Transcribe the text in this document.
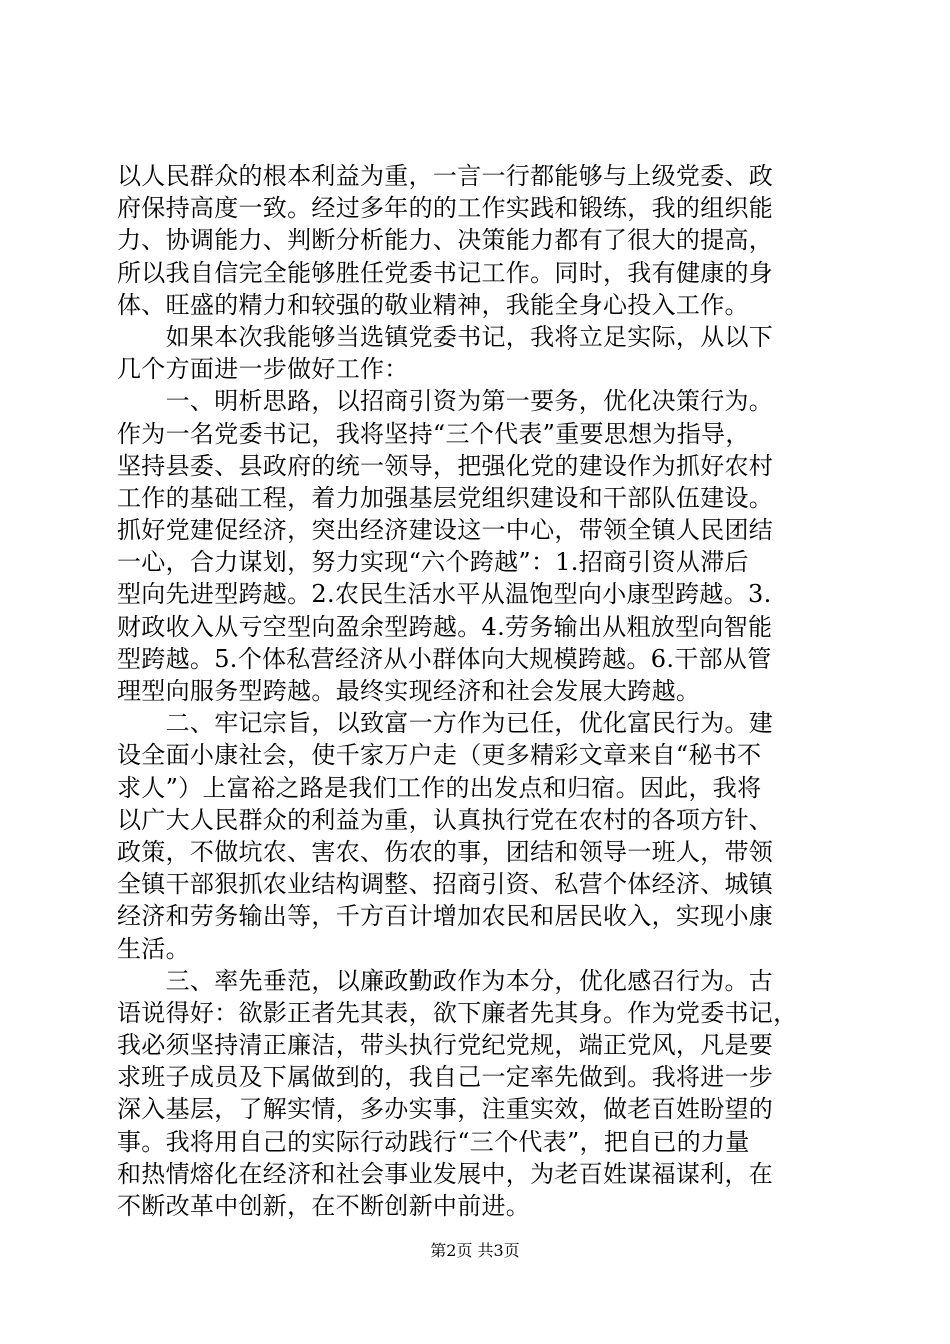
以人民群众的根本利益为重，一言一行都能够与上级党委、政
府保持高度一致。经过多年的的工作实践和锻练，我的组织能
力、协调能力、判断分析能力、决策能力都有了很大的提高，
所以我自信完全能够胜任党委书记工作。同时，我有健康的身
体、旺盛的精力和较强的敬业精神，我能全身心投入工作。
　　如果本次我能够当选镇党委书记，我将立足实际，从以下
几个方面进一步做好工作：
　　一、明析思路，以招商引资为第一要务，优化决策行为。
作为一名党委书记，我将坚持“三个代表”重要思想为指导，
坚持县委、县政府的统一领导，把强化党的建设作为抓好农村
工作的基础工程，着力加强基层党组织建设和干部队伍建设。
抓好党建促经济，突出经济建设这一中心，带领全镇人民团结
一心，合力谋划，努力实现“六个跨越”：1.招商引资从滞后
型向先进型跨越。2.农民生活水平从温饱型向小康型跨越。3.
财政收入从亏空型向盈余型跨越。4.劳务输出从粗放型向智能
型跨越。5.个体私营经济从小群体向大规模跨越。6.干部从管
理型向服务型跨越。最终实现经济和社会发展大跨越。
　　二、牢记宗旨，以致富一方作为已任，优化富民行为。建
设全面小康社会，使千家万户走（更多精彩文章来自“秘书不
求人”）上富裕之路是我们工作的出发点和归宿。因此，我将
以广大人民群众的利益为重，认真执行党在农村的各项方针、
政策，不做坑农、害农、伤农的事，团结和领导一班人，带领
全镇干部狠抓农业结构调整、招商引资、私营个体经济、城镇
经济和劳务输出等，千方百计增加农民和居民收入，实现小康
生活。
　　三、率先垂范，以廉政勤政作为本分，优化感召行为。古
语说得好：欲影正者先其表，欲下廉者先其身。作为党委书记，
我必须坚持清正廉洁，带头执行党纪党规，端正党风，凡是要
求班子成员及下属做到的，我自己一定率先做到。我将进一步
深入基层，了解实情，多办实事，注重实效，做老百姓盼望的
事。我将用自己的实际行动践行“三个代表”，把自已的力量
和热情熔化在经济和社会事业发展中，为老百姓谋福谋利，在
不断改革中创新，在不断创新中前进。
第2页 共3页
